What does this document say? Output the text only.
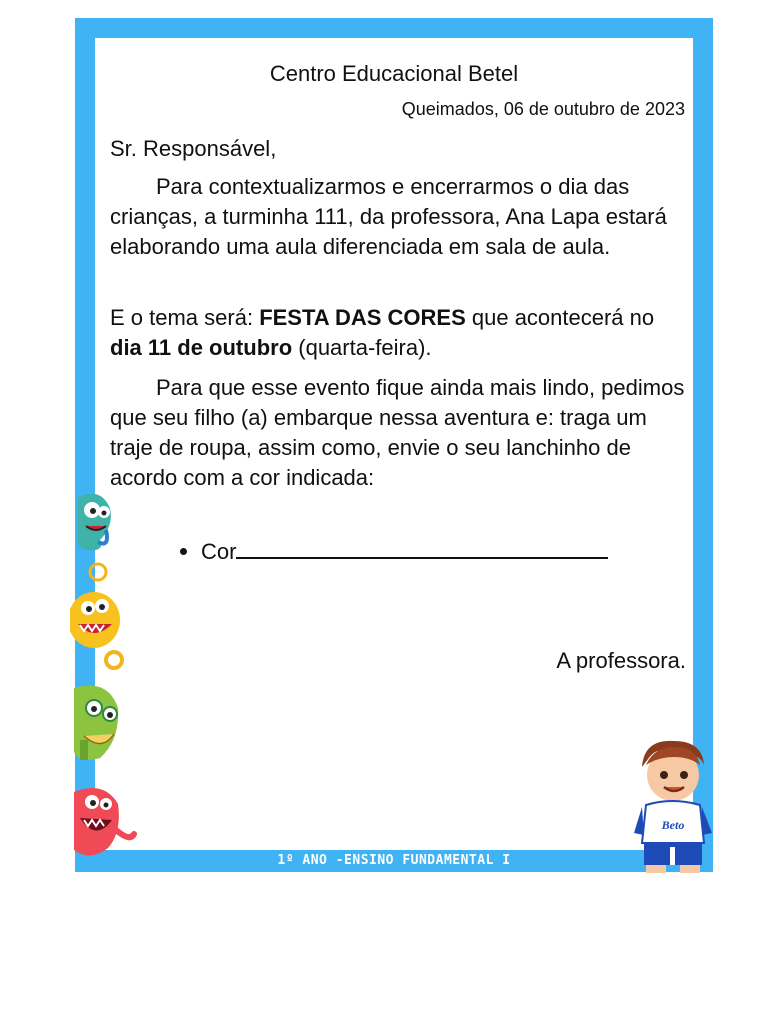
Centro Educacional Betel
Queimados, 06 de outubro de 2023
Sr. Responsável,
Para contextualizarmos e encerrarmos o dia das crianças, a turminha 111, da professora, Ana Lapa estará elaborando uma aula diferenciada em sala de aula.
E o tema será: FESTA DAS CORES que acontecerá no dia 11 de outubro (quarta-feira).
Para que esse evento fique ainda mais lindo, pedimos que seu filho (a) embarque nessa aventura e: traga um traje de roupa, assim como, envie o seu lanchinho de acordo com a cor indicada:
Cor
A professora.
1º ANO -ENSINO FUNDAMENTAL I
Beto
